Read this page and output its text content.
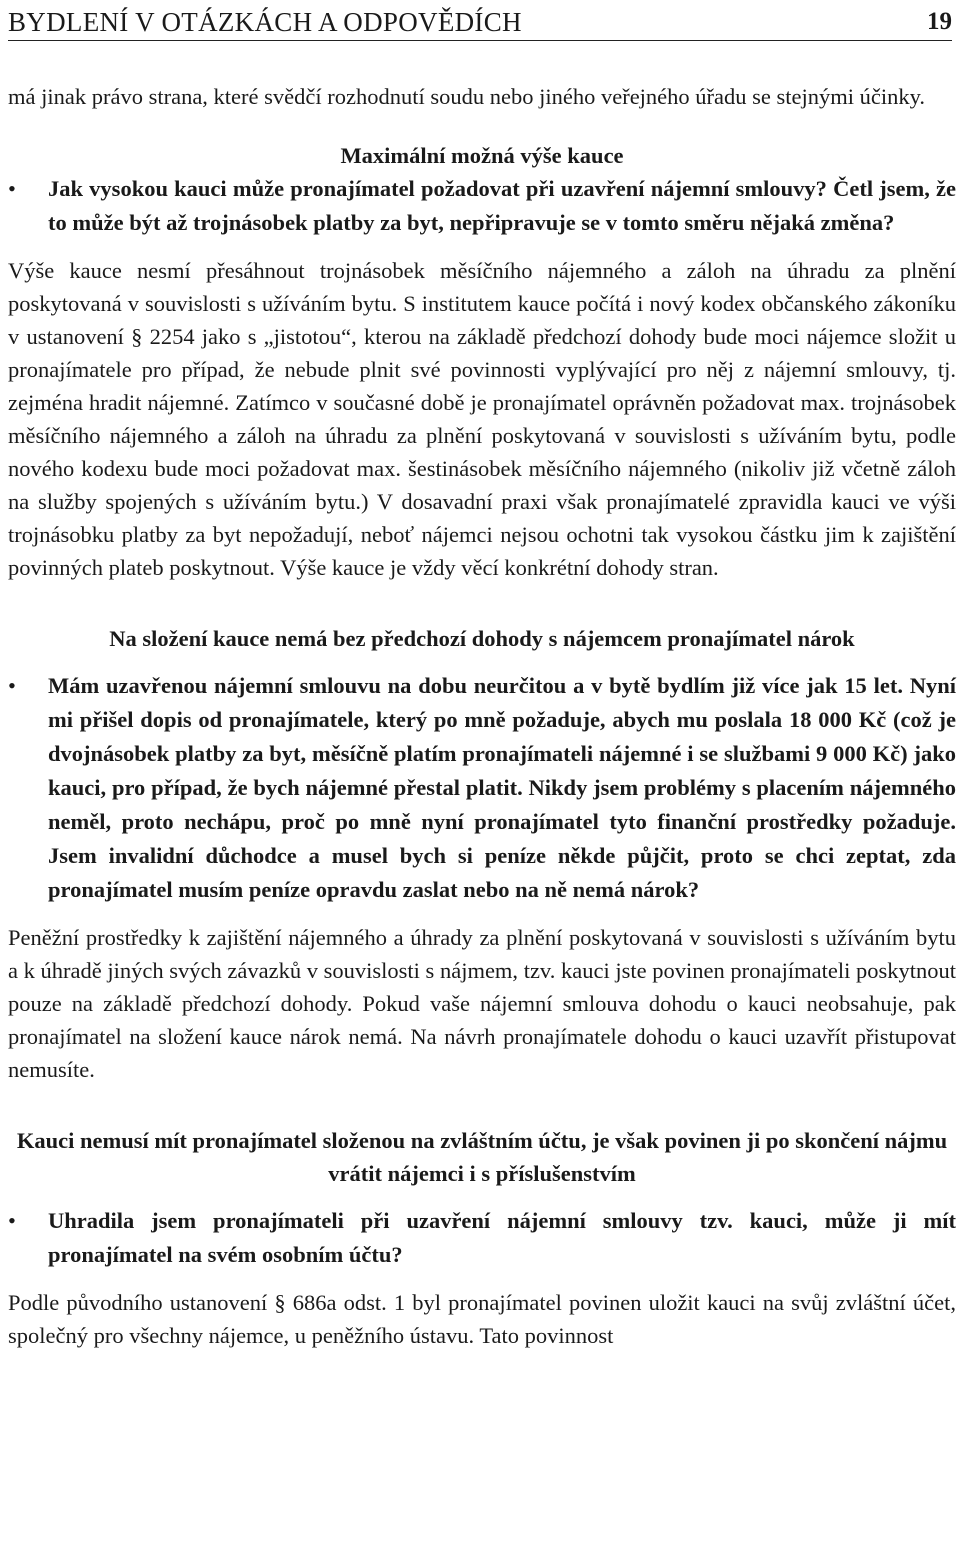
BYDLENÍ V OTÁZKÁCH A ODPOVĚDÍCH	19

má jinak právo strana, které svědčí rozhodnutí soudu nebo jiného veřejného úřadu se stejnými účinky.

Maximální možná výše kauce
• Jak vysokou kauci může pronajímatel požadovat při uzavření nájemní smlouvy? Četl jsem, že to může být až trojnásobek platby za byt, nepřipravuje se v tomto směru nějaká změna?

Výše kauce nesmí přesáhnout trojnásobek měsíčního nájemného a záloh na úhradu za plnění poskytovaná v souvislosti s užíváním bytu. S institutem kauce počítá i nový kodex občanského zákoníku v ustanovení § 2254 jako s „jistotou“, kterou na základě předchozí dohody bude moci nájemce složit u pronajímatele pro případ, že nebude plnit své povinnosti vyplývající pro něj z nájemní smlouvy, tj. zejména hradit nájemné. Zatímco v současné době je pronajímatel oprávněn požadovat max. trojnásobek měsíčního nájemného a záloh na úhradu za plnění poskytovaná v souvislosti s užíváním bytu, podle nového kodexu bude moci požadovat max. šestinásobek měsíčního nájemného (nikoliv již včetně záloh na služby spojených s užíváním bytu.) V dosavadní praxi však pronajímatelé zpravidla kauci ve výši trojnásobku platby za byt nepožadují, neboť nájemci nejsou ochotni tak vysokou částku jim k zajištění povinných plateb poskytnout. Výše kauce je vždy věcí konkrétní dohody stran.

Na složení kauce nemá bez předchozí dohody s nájemcem pronajímatel nárok
• Mám uzavřenou nájemní smlouvu na dobu neurčitou a v bytě bydlím již více jak 15 let. Nyní mi přišel dopis od pronajímatele, který po mně požaduje, abych mu poslala 18 000 Kč (což je dvojnásobek platby za byt, měsíčně platím pronajímateli nájemné i se službami 9 000 Kč) jako kauci, pro případ, že bych nájemné přestal platit. Nikdy jsem problémy s placením nájemného neměl, proto nechápu, proč po mně nyní pronajímatel tyto finanční prostředky požaduje. Jsem invalidní důchodce a musel bych si peníze někde půjčit, proto se chci zeptat, zda pronajímatel musím peníze opravdu zaslat nebo na ně nemá nárok?

Peněžní prostředky k zajištění nájemného a úhrady za plnění poskytovaná v souvislosti s užíváním bytu a k úhradě jiných svých závazků v souvislosti s nájmem, tzv. kauci jste povinen pronajímateli poskytnout pouze na základě předchozí dohody. Pokud vaše nájemní smlouva dohodu o kauci neobsahuje, pak pronajímatel na složení kauce nárok nemá. Na návrh pronajímatele dohodu o kauci uzavřít přistupovat nemusíte.

Kauci nemusí mít pronajímatel složenou na zvláštním účtu, je však povinen ji po skončení nájmu vrátit nájemci i s příslušenstvím
• Uhradila jsem pronajímateli při uzavření nájemní smlouvy tzv. kauci, může ji mít pronajímatel na svém osobním účtu?

Podle původního ustanovení § 686a odst. 1 byl pronajímatel povinen uložit kauci na svůj zvláštní účet, společný pro všechny nájemce, u peněžního ústavu. Tato povinnost
